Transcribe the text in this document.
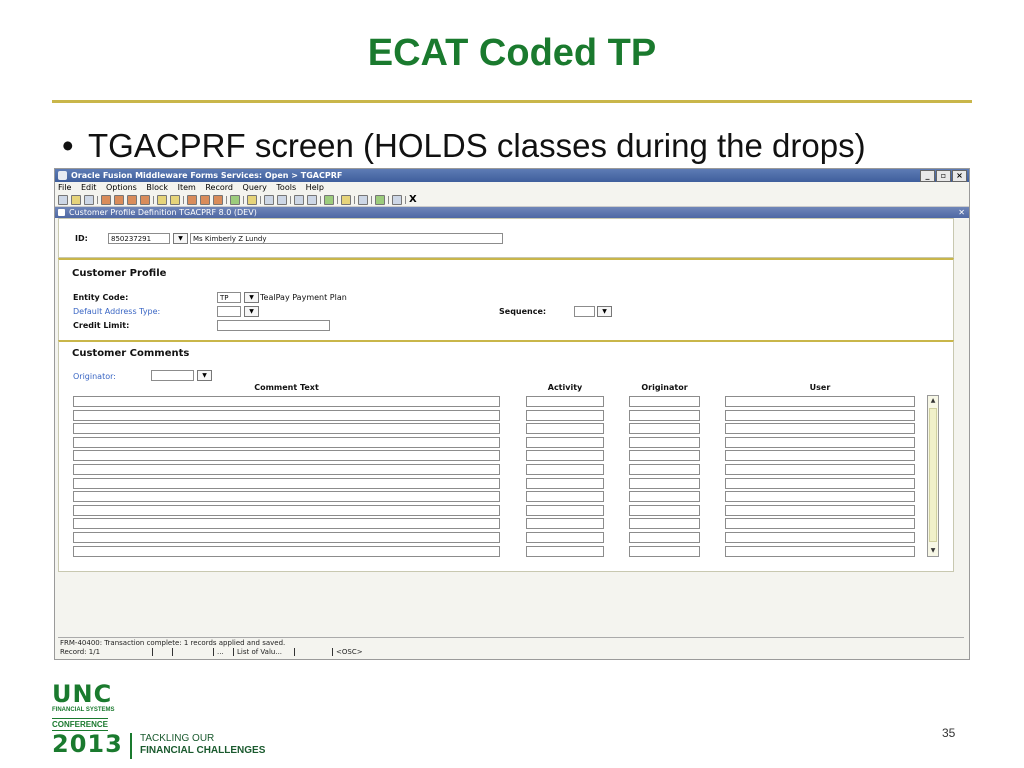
ECAT Coded TP
• TGACPRF screen (HOLDS classes during the drops)
Oracle Fusion Middleware Forms Services: Open > TGACPRF	_	▫	×
File Edit Options Block Item Record Query Tools Help
X
Customer Profile Definition TGACPRF 8.0 (DEV)	✕
ID:	850237291	▼	Ms Kimberly Z Lundy
Customer Profile
Entity Code:	TP	▼ TealPay Payment Plan
Default Address Type:	▼	Sequence:	▼
Credit Limit:
Customer Comments
Originator:	▼
Comment Text	Activity	Originator	User
▲
▼
FRM-40400: Transaction complete: 1 records applied and saved.
Record: 1/1	...	List of Valu...	<OSC>
UNC
FINANCIAL SYSTEMS
CONFERENCE
2013 TACKLING OUR
FINANCIAL CHALLENGES
35
